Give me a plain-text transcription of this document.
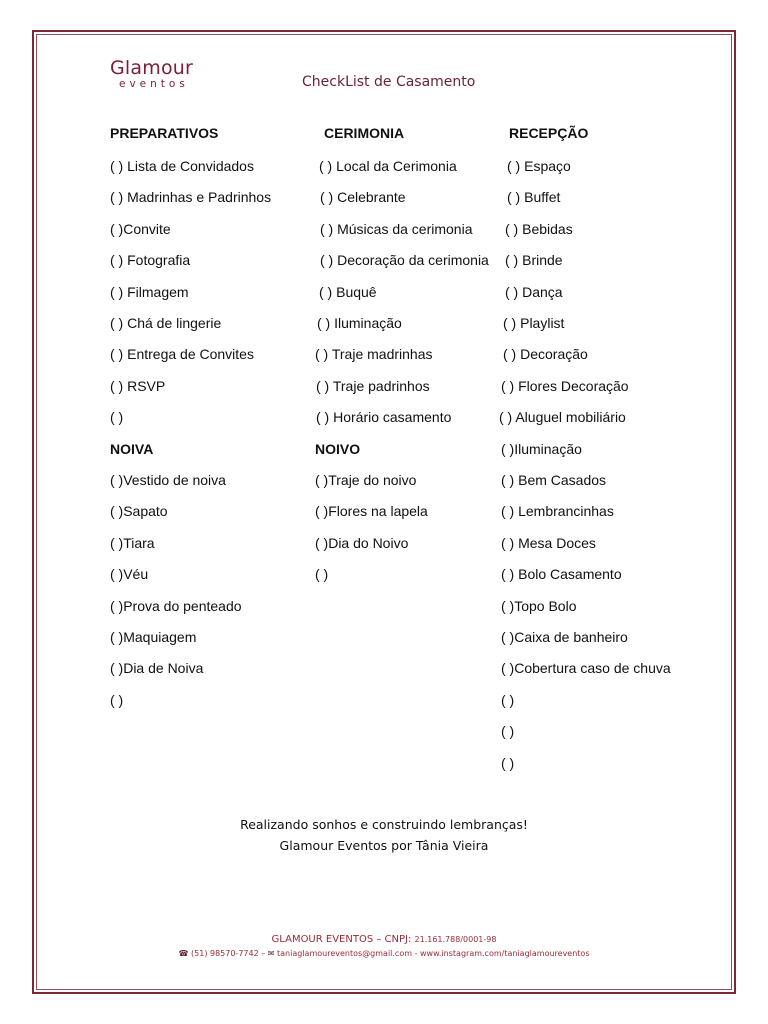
Glamour
eventos	CheckList de Casamento
PREPARATIVOS
( ) Lista de Convidados
( ) Madrinhas e Padrinhos
( )Convite
( ) Fotografia
( ) Filmagem
( ) Chá de lingerie
( ) Entrega de Convites
( ) RSVP
( )
NOIVA
( )Vestido de noiva
( )Sapato
( )Tiara
( )Véu
( )Prova do penteado
( )Maquiagem
( )Dia de Noiva
( )
CERIMONIA
( ) Local da Cerimonia
( ) Celebrante
( ) Músicas da cerimonia
( ) Decoração da cerimonia
( ) Buquê
( ) Iluminação
( ) Traje madrinhas
( ) Traje padrinhos
( ) Horário casamento
NOIVO
( )Traje do noivo
( )Flores na lapela
( )Dia do Noivo
( )
RECEPÇÃO
( ) Espaço
( ) Buffet
( ) Bebidas
( ) Brinde
( ) Dança
( ) Playlist
( ) Decoração
( ) Flores Decoração
( ) Aluguel mobiliário
( )Iluminação
( ) Bem Casados
( ) Lembrancinhas
( ) Mesa Doces
( ) Bolo Casamento
( )Topo Bolo
( )Caixa de banheiro
( )Cobertura caso de chuva
( )
( )
( )
Realizando sonhos e construindo lembranças!
Glamour Eventos por Tânia Vieira
GLAMOUR EVENTOS – CNPJ: 21.161.788/0001-98
☎ (51) 98570-7742 – ✉ taniaglamoureventos@gmail.com - www.instagram.com/taniaglamoureventos
